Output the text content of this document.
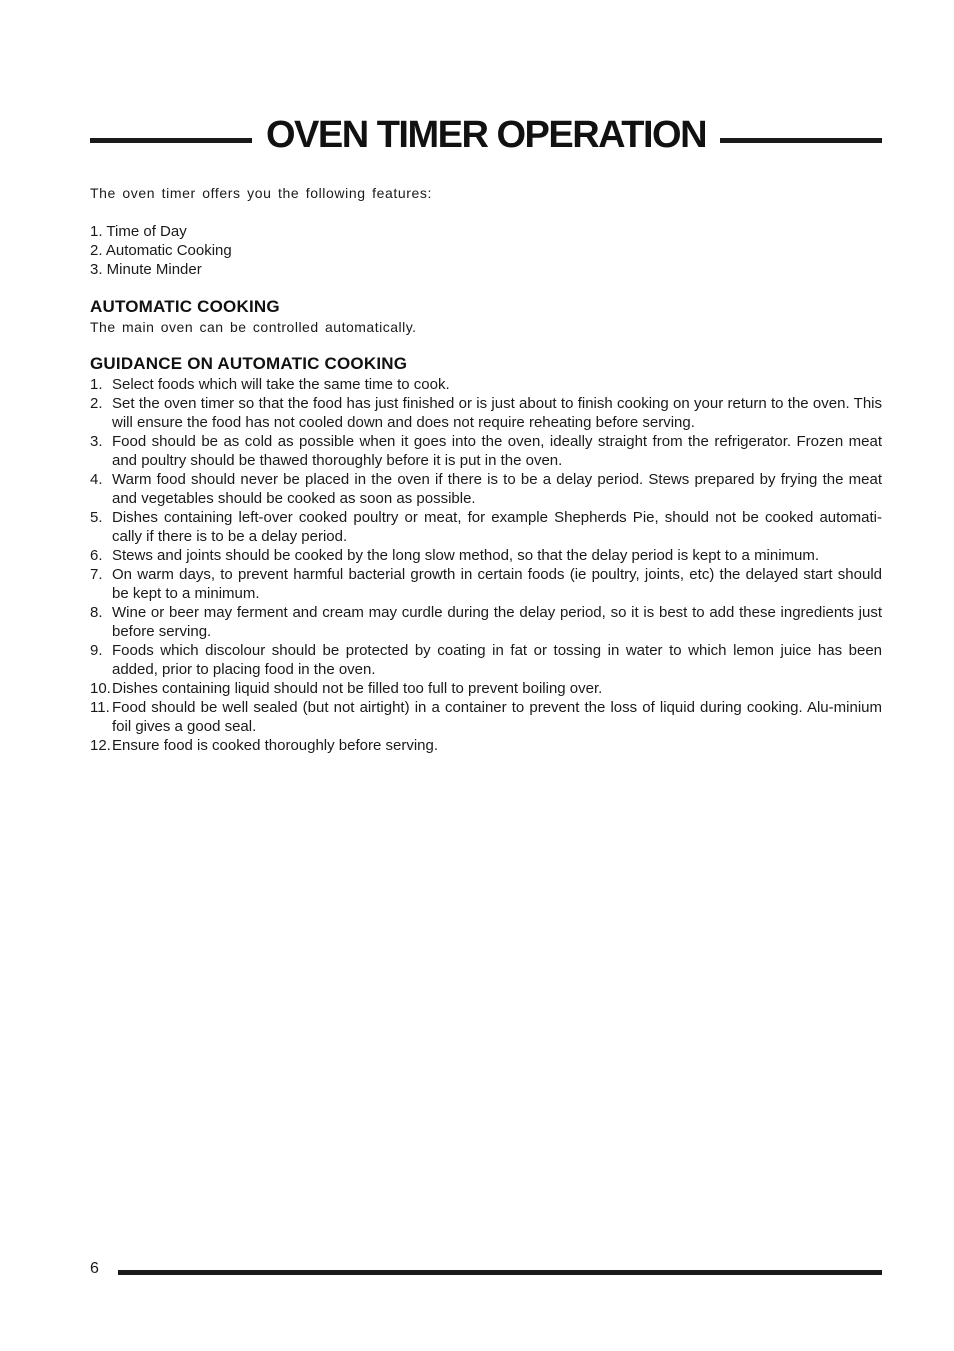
OVEN TIMER OPERATION

The oven timer offers you the following features:

1. Time of Day
2. Automatic Cooking
3. Minute Minder
AUTOMATIC COOKING

The main oven can be controlled automatically.

GUIDANCE ON AUTOMATIC COOKING
1. Select foods which will take the same time to cook.
2. Set the oven timer so that the food has just finished or is just about to finish cooking on your return to the oven. This will ensure the food has not cooled down and does not require reheating before serving.
3. Food should be as cold as possible when it goes into the oven, ideally straight from the refrigerator. Frozen meat and poultry should be thawed thoroughly before it is put in the oven.
4. Warm food should never be placed in the oven if there is to be a delay period. Stews prepared by frying the meat and vegetables should be cooked as soon as possible.
5. Dishes containing left-over cooked poultry or meat, for example Shepherds Pie, should not be cooked automati-cally if there is to be a delay period.
6. Stews and joints should be cooked by the long slow method, so that the delay period is kept to a minimum.
7. On warm days, to prevent harmful bacterial growth in certain foods (ie poultry, joints, etc) the delayed start should be kept to a minimum.
8. Wine or beer may ferment and cream may curdle during the delay period, so it is best to add these ingredients just before serving.
9. Foods which discolour should be protected by coating in fat or tossing in water to which lemon juice has been added, prior to placing food in the oven.
10. Dishes containing liquid should not be filled too full to prevent boiling over.
11. Food should be well sealed (but not airtight) in a container to prevent the loss of liquid during cooking. Alu-minium foil gives a good seal.
12. Ensure food is cooked thoroughly before serving.
6
